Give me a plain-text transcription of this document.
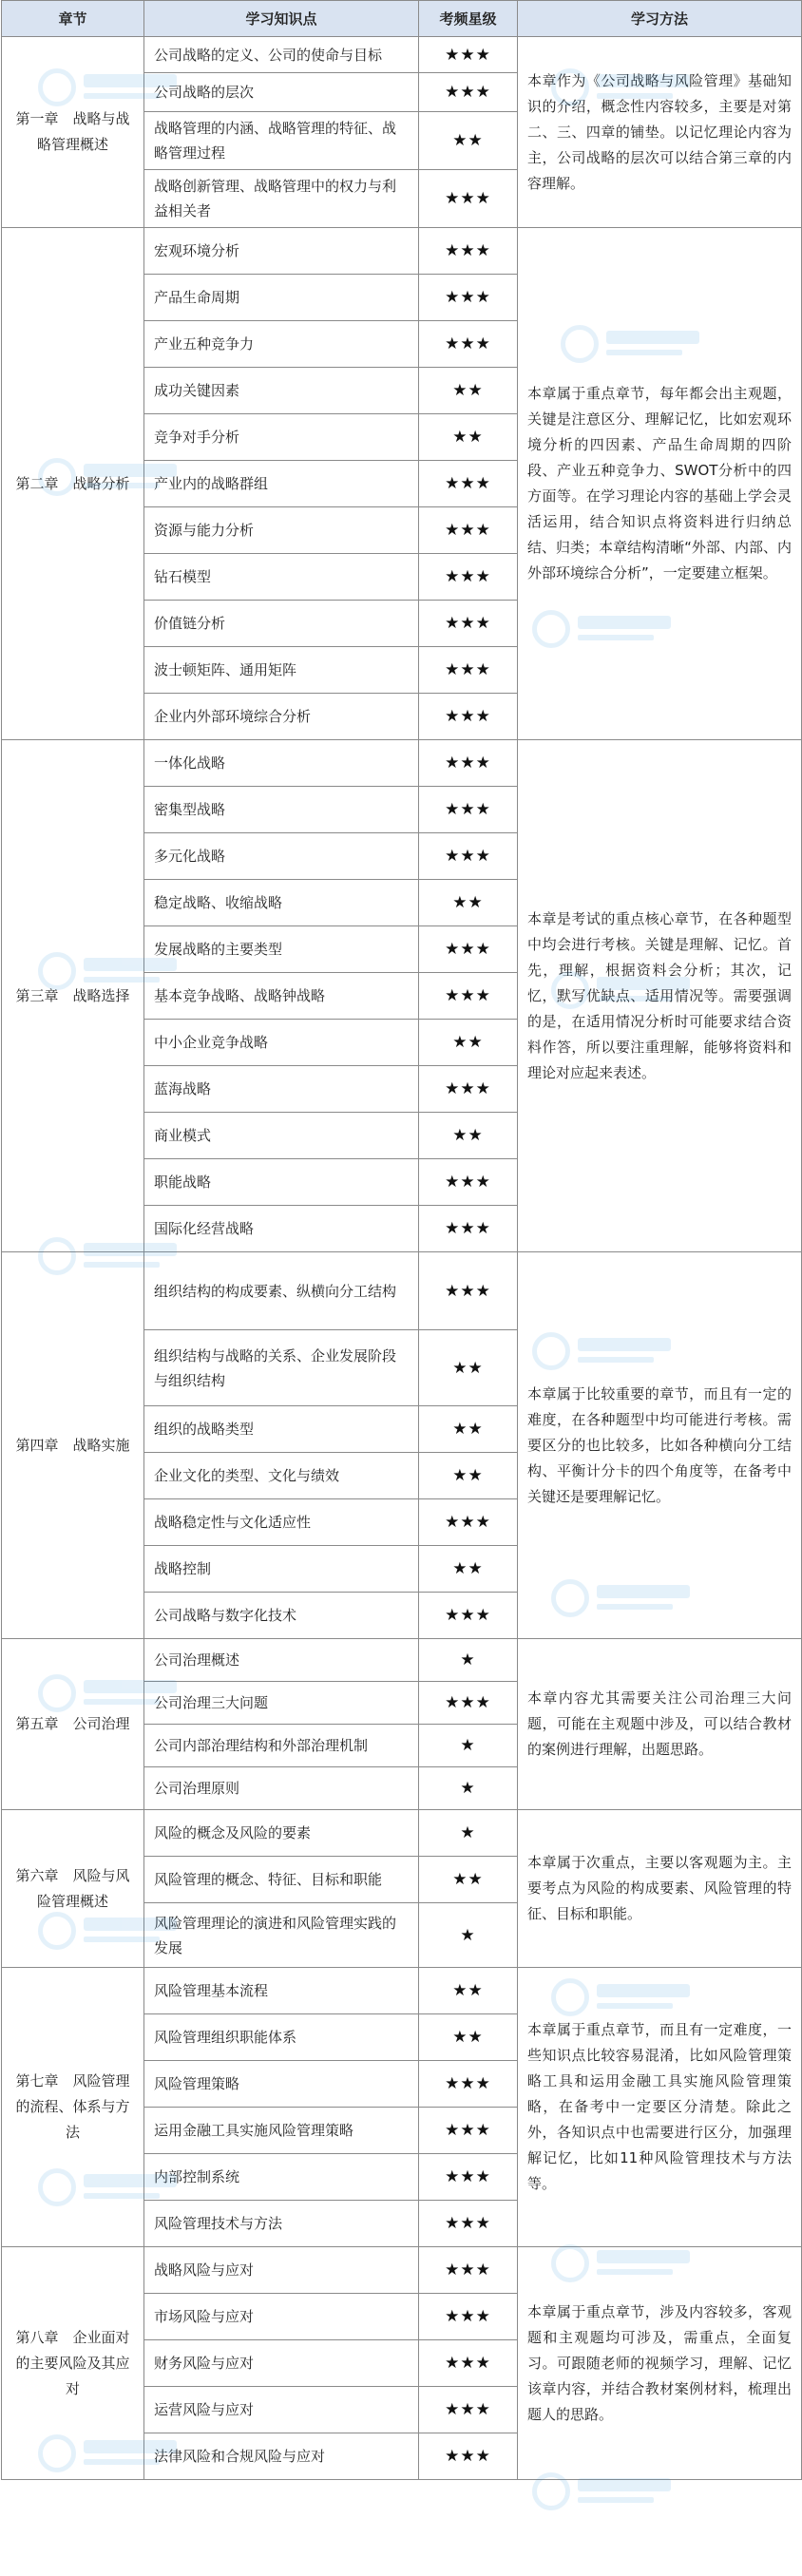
章节	学习知识点	考频星级	学习方法
第一章　战略与战略管理概述	公司战略的定义、公司的使命与目标	★★★	本章作为《公司战略与风险管理》基础知识的介绍，概念性内容较多，主要是对第二、三、四章的铺垫。以记忆理论内容为主，公司战略的层次可以结合第三章的内容理解。
	公司战略的层次	★★★	
	战略管理的内涵、战略管理的特征、战略管理过程	★★	
	战略创新管理、战略管理中的权力与利益相关者	★★★	
第二章　战略分析	宏观环境分析	★★★	本章属于重点章节，每年都会出主观题，关键是注意区分、理解记忆，比如宏观环境分析的四因素、产品生命周期的四阶段、产业五种竞争力、SWOT分析中的四方面等。在学习理论内容的基础上学会灵活运用，结合知识点将资料进行归纳总结、归类；本章结构清晰“外部、内部、内外部环境综合分析”，一定要建立框架。
	产品生命周期	★★★	
	产业五种竞争力	★★★	
	成功关键因素	★★	
	竞争对手分析	★★	
	产业内的战略群组	★★★	
	资源与能力分析	★★★	
	钻石模型	★★★	
	价值链分析	★★★	
	波士顿矩阵、通用矩阵	★★★	
	企业内外部环境综合分析	★★★	
第三章　战略选择	一体化战略	★★★	本章是考试的重点核心章节，在各种题型中均会进行考核。关键是理解、记忆。首先，理解，根据资料会分析；其次，记忆，默写优缺点、适用情况等。需要强调的是，在适用情况分析时可能要求结合资料作答，所以要注重理解，能够将资料和理论对应起来表述。
	密集型战略	★★★	
	多元化战略	★★★	
	稳定战略、收缩战略	★★	
	发展战略的主要类型	★★★	
	基本竞争战略、战略钟战略	★★★	
	中小企业竞争战略	★★	
	蓝海战略	★★★	
	商业模式	★★	
	职能战略	★★★	
	国际化经营战略	★★★	
第四章　战略实施	组织结构的构成要素、纵横向分工结构	★★★	本章属于比较重要的章节，而且有一定的难度，在各种题型中均可能进行考核。需要区分的也比较多，比如各种横向分工结构、平衡计分卡的四个角度等，在备考中关键还是要理解记忆。
	组织结构与战略的关系、企业发展阶段与组织结构	★★	
	组织的战略类型	★★	
	企业文化的类型、文化与绩效	★★	
	战略稳定性与文化适应性	★★★	
	战略控制	★★	
	公司战略与数字化技术	★★★	
第五章　公司治理	公司治理概述	★	本章内容尤其需要关注公司治理三大问题，可能在主观题中涉及，可以结合教材的案例进行理解，出题思路。
	公司治理三大问题	★★★	
	公司内部治理结构和外部治理机制	★	
	公司治理原则	★	
第六章　风险与风险管理概述	风险的概念及风险的要素	★	本章属于次重点，主要以客观题为主。主要考点为风险的构成要素、风险管理的特征、目标和职能。
	风险管理的概念、特征、目标和职能	★★	
	风险管理理论的演进和风险管理实践的发展	★	
第七章　风险管理的流程、体系与方法	风险管理基本流程	★★	本章属于重点章节，而且有一定难度，一些知识点比较容易混淆，比如风险管理策略工具和运用金融工具实施风险管理策略，在备考中一定要区分清楚。除此之外，各知识点中也需要进行区分，加强理解记忆，比如11种风险管理技术与方法等。
	风险管理组织职能体系	★★	
	风险管理策略	★★★	
	运用金融工具实施风险管理策略	★★★	
	内部控制系统	★★★	
	风险管理技术与方法	★★★	
第八章　企业面对的主要风险及其应对	战略风险与应对	★★★	本章属于重点章节，涉及内容较多，客观题和主观题均可涉及，需重点，全面复习。可跟随老师的视频学习，理解、记忆该章内容，并结合教材案例材料，梳理出题人的思路。
	市场风险与应对	★★★	
	财务风险与应对	★★★	
	运营风险与应对	★★★	
	法律风险和合规风险与应对	★★★	
